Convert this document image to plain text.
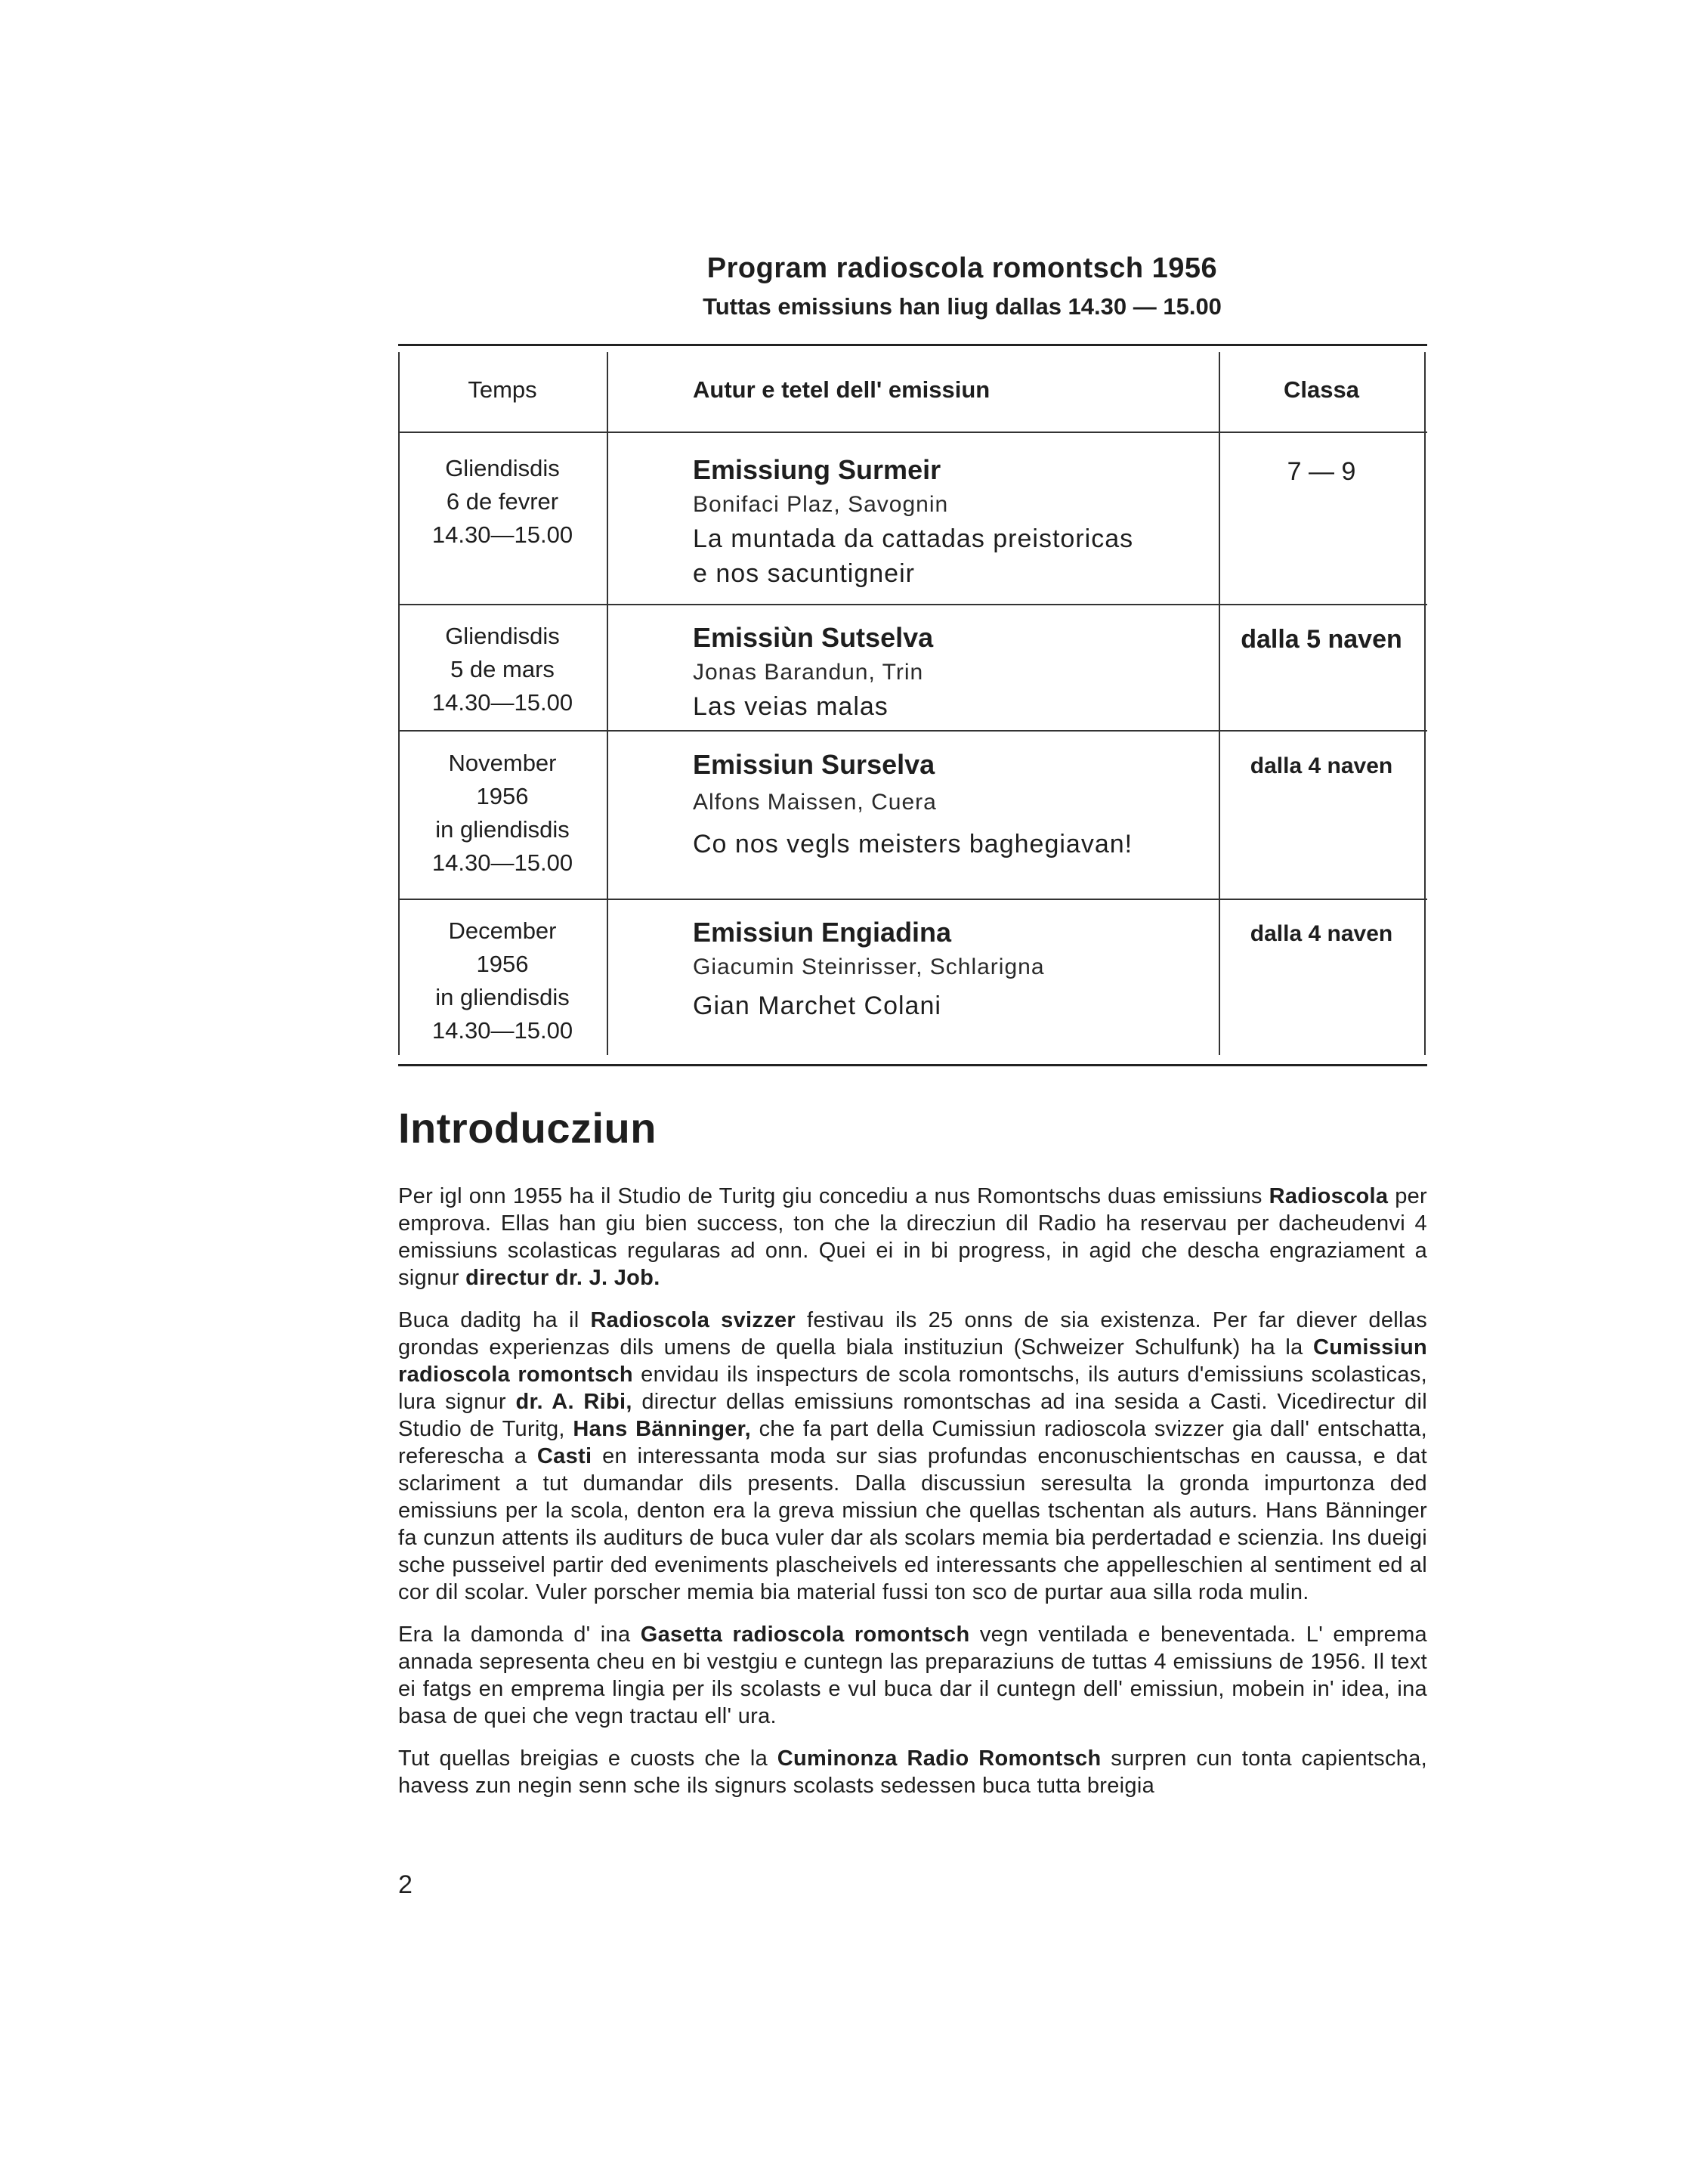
Program radioscola romontsch 1956
Tuttas emissiuns han liug dallas 14.30 — 15.00
Temps	Autur e tetel dell' emissiun	Classa
Gliendisdis
6 de fevrer
14.30—15.00
Emissiung Surmeir
Bonifaci Plaz, Savognin
La muntada da cattadas preistoricas
e nos sacuntigneir
7 — 9
Gliendisdis
5 de mars
14.30—15.00
Emissiùn Sutselva
Jonas Barandun, Trin
Las veias malas
dalla 5 naven
November
1956
in gliendisdis
14.30—15.00
Emissiun Surselva
Alfons Maissen, Cuera
Co nos vegls meisters baghegiavan!
dalla 4 naven
December
1956
in gliendisdis
14.30—15.00
Emissiun Engiadina
Giacumin Steinrisser, Schlarigna
Gian Marchet Colani
dalla 4 naven
Introducziun

Per igl onn 1955 ha il Studio de Turitg giu concediu a nus Romontschs duas emissiuns Radioscola per emprova. Ellas han giu bien success, ton che la direcziun dil Radio ha reservau per dacheudenvi 4 emissiuns scolasticas regularas ad onn. Quei ei in bi progress, in agid che descha engraziament a signur directur dr. J. Job.

Buca daditg ha il Radioscola svizzer festivau ils 25 onns de sia existenza. Per far diever dellas grondas experienzas dils umens de quella biala instituziun (Schweizer Schulfunk) ha la Cumissiun radioscola romontsch envidau ils inspecturs de scola romontschs, ils auturs d'emissiuns scolasticas, lura signur dr. A. Ribi, directur dellas emissiuns romontschas ad ina sesida a Casti. Vicedirectur dil Studio de Turitg, Hans Bänninger, che fa part della Cumissiun radioscola svizzer gia dall' entschatta, referescha a Casti en interessanta moda sur sias profundas enconuschientschas en caussa, e dat sclariment a tut dumandar dils presents. Dalla discussiun seresulta la gronda impurtonza ded emissiuns per la scola, denton era la greva missiun che quellas tschentan als auturs. Hans Bänninger fa cunzun attents ils auditurs de buca vuler dar als scolars memia bia perdertadad e scienzia. Ins dueigi sche pusseivel partir ded eveniments plascheivels ed interessants che appelleschien al sentiment ed al cor dil scolar. Vuler porscher memia bia material fussi ton sco de purtar aua silla roda mulin.

Era la damonda d' ina Gasetta radioscola romontsch vegn ventilada e beneventada. L' emprema annada sepresenta cheu en bi vestgiu e cuntegn las preparaziuns de tuttas 4 emissiuns de 1956. Il text ei fatgs en emprema lingia per ils scolasts e vul buca dar il cuntegn dell' emissiun, mobein in' idea, ina basa de quei che vegn tractau ell' ura.

Tut quellas breigias e cuosts che la Cuminonza Radio Romontsch surpren cun tonta capientscha, havess zun negin senn sche ils signurs scolasts sedessen buca tutta breigia

2
